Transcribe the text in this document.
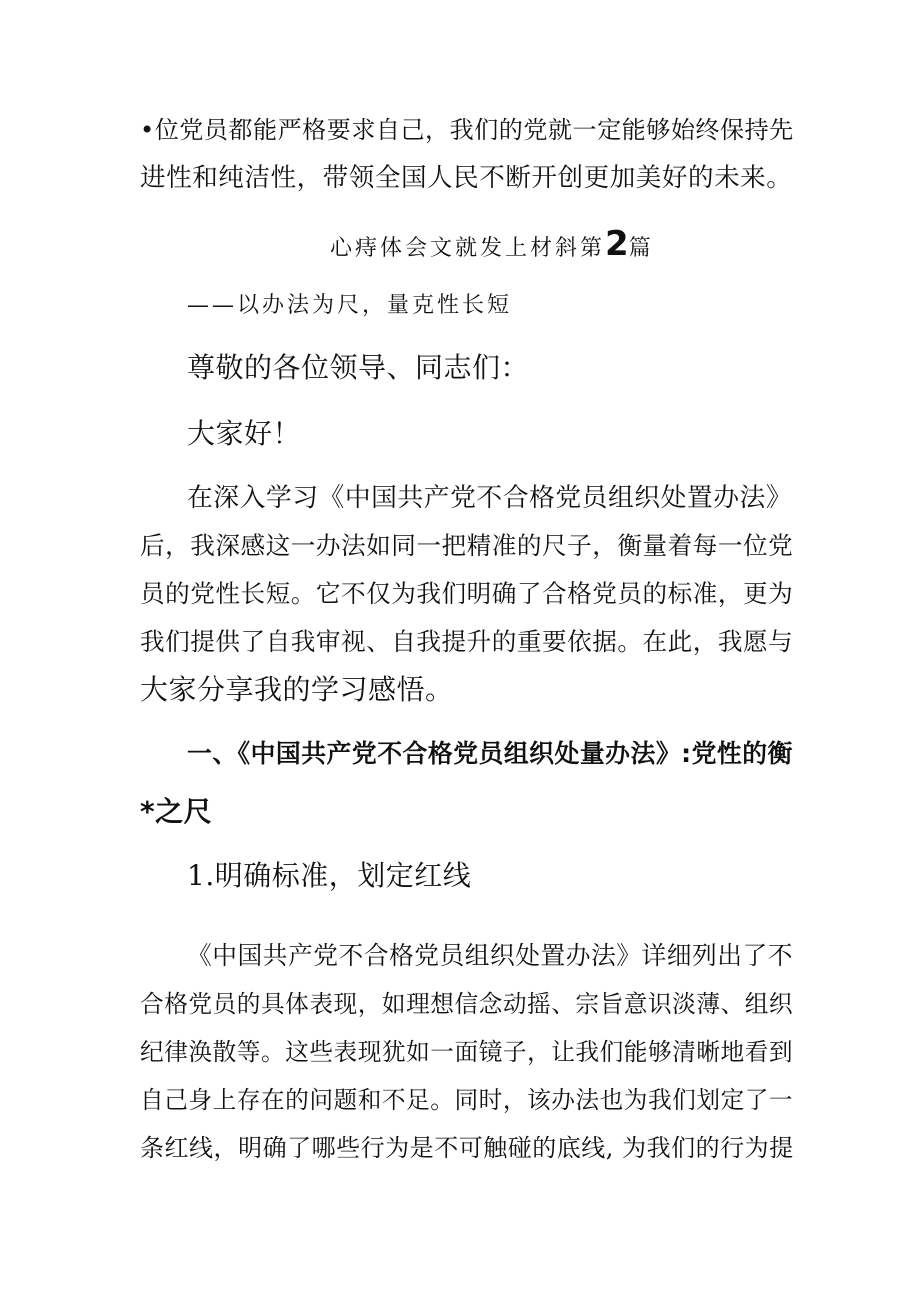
•位党员都能严格要求自己，我们的党就一定能够始终保持先
进性和纯洁性，带领全国人民不断开创更加美好的未来。
心痔体会文就发上材斜第2篇
——以办法为尺，量克性长短
尊敬的各位领导、同志们：
大家好！
在深入学习《中国共产党不合格党员组织处置办法》
后，我深感这一办法如同一把精准的尺子，衡量着每一位党
员的党性长短。它不仅为我们明确了合格党员的标准，更为
我们提供了自我审视、自我提升的重要依据。在此，我愿与
大家分享我的学习感悟。
一、《中国共产党不合格党员组织处量办法》:党性的衡
*之尺
1.明确标准，划定红线
《中国共产党不合格党员组织处置办法》详细列出了不
合格党员的具体表现，如理想信念动摇、宗旨意识淡薄、组织
纪律涣散等。这些表现犹如一面镜子，让我们能够清晰地看到
自己身上存在的问题和不足。同时，该办法也为我们划定了一
条红线，明确了哪些行为是不可触碰的底线, 为我们的行为提
